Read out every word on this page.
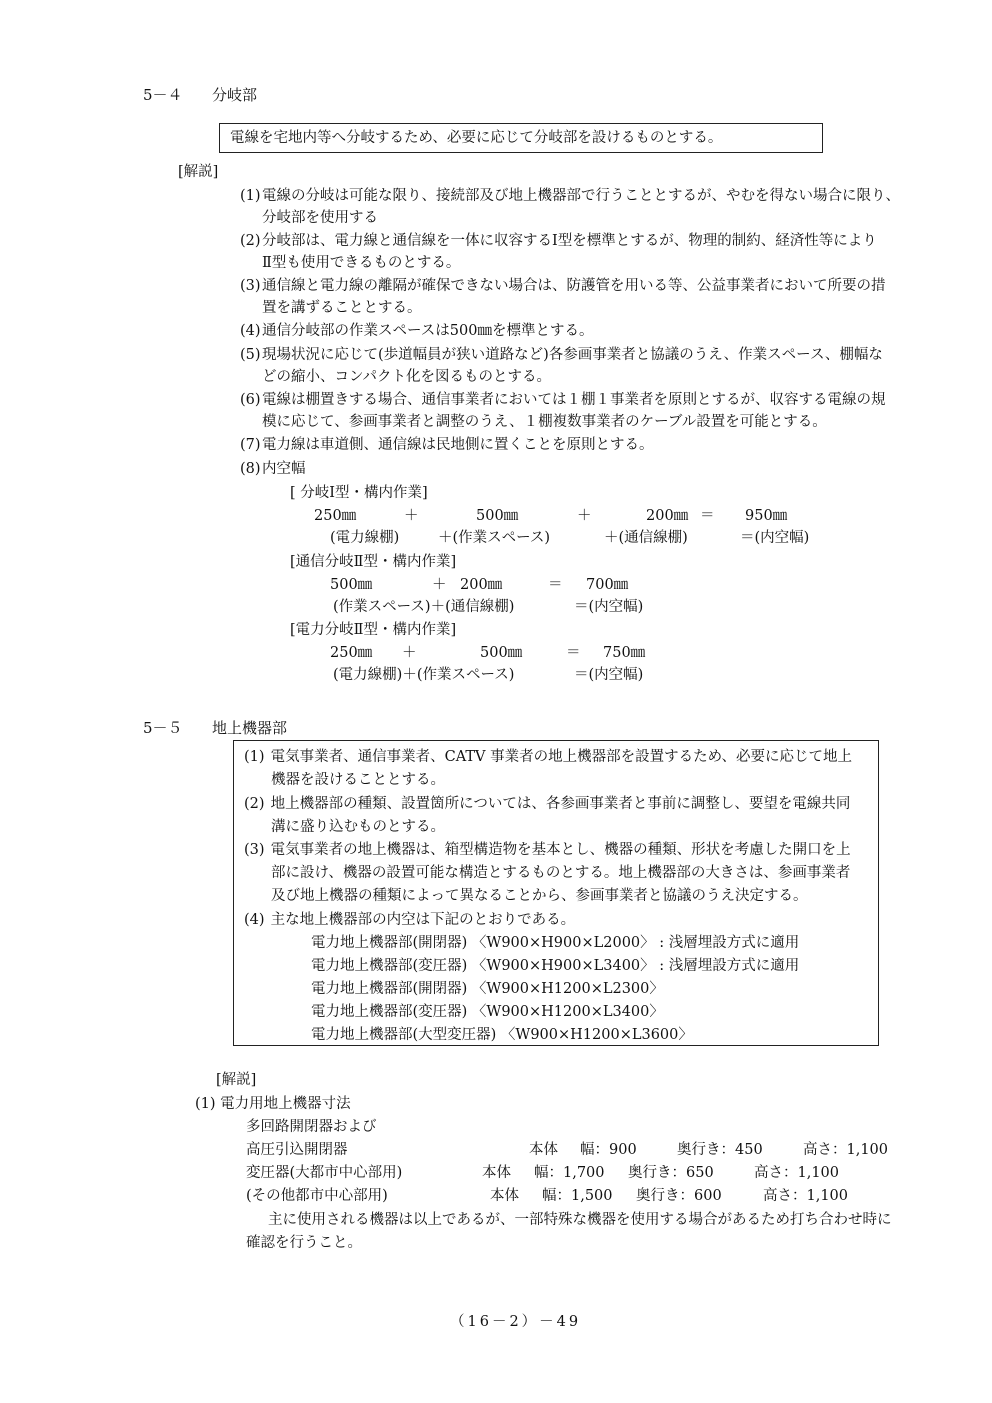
5－４ 分岐部
電線を宅地内等へ分岐するため、必要に応じて分岐部を設けるものとする。
[解説]
(1)電線の分岐は可能な限り、接続部及び地上機器部で行うこととするが、やむを得ない場合に限り、
分岐部を使用する
(2)分岐部は、電力線と通信線を一体に収容するⅠ型を標準とするが、物理的制約、経済性等により
Ⅱ型も使用できるものとする。
(3)通信線と電力線の離隔が確保できない場合は、防護管を用いる等、公益事業者において所要の措
置を講ずることとする。
(4)通信分岐部の作業スペースは500㎜を標準とする。
(5)現場状況に応じて(歩道幅員が狭い道路など)各参画事業者と協議のうえ、作業スペース、棚幅な
どの縮小、コンパクト化を図るものとする。
(6)電線は棚置きする場合、通信事業者においては１棚１事業者を原則とするが、収容する電線の規
模に応じて、参画事業者と調整のうえ、１棚複数事業者のケーブル設置を可能とする。
(7)電力線は車道側、通信線は民地側に置くことを原則とする。
(8)内空幅
[ 分岐Ⅰ型・構内作業]
250㎜	＋	500㎜	＋	200㎜ ＝ 950㎜
(電力線棚)	＋(作業スペース)	＋(通信線棚)	＝(内空幅)
[通信分岐Ⅱ型・構内作業]
500㎜	＋ 200㎜	＝ 700㎜
(作業スペース)＋(通信線棚)	＝(内空幅)
[電力分岐Ⅱ型・構内作業]
250㎜ ＋	500㎜	＝ 750㎜
(電力線棚)＋(作業スペース)	＝(内空幅)
5－５ 地上機器部
(1) 電気事業者、通信事業者、CATV 事業者の地上機器部を設置するため、必要に応じて地上
機器を設けることとする。
(2) 地上機器部の種類、設置箇所については、各参画事業者と事前に調整し、要望を電線共同
溝に盛り込むものとする。
(3) 電気事業者の地上機器は、箱型構造物を基本とし、機器の種類、形状を考慮した開口を上
部に設け、機器の設置可能な構造とするものとする。地上機器部の大きさは、参画事業者
及び地上機器の種類によって異なることから、参画事業者と協議のうえ決定する。
(4) 主な地上機器部の内空は下記のとおりである。
電力地上機器部(開閉器) 〈W900×H900×L2000〉 : 浅層埋設方式に適用
電力地上機器部(変圧器) 〈W900×H900×L3400〉 : 浅層埋設方式に適用
電力地上機器部(開閉器) 〈W900×H1200×L2300〉
電力地上機器部(変圧器) 〈W900×H1200×L3400〉
電力地上機器部(大型変圧器) 〈W900×H1200×L3600〉
[解説]
(1) 電力用地上機器寸法
多回路開閉器および
高圧引込開閉器	本体 幅：900	奥行き：450	高さ：1,100
変圧器(大都市中心部用)	本体 幅：1,700 奥行き：650	高さ：1,100
(その他都市中心部用)	本体 幅：1,500 奥行き：600	高さ：1,100
主に使用される機器は以上であるが、一部特殊な機器を使用する場合があるため打ち合わせ時に
確認を行うこと。
（16－2）－49
